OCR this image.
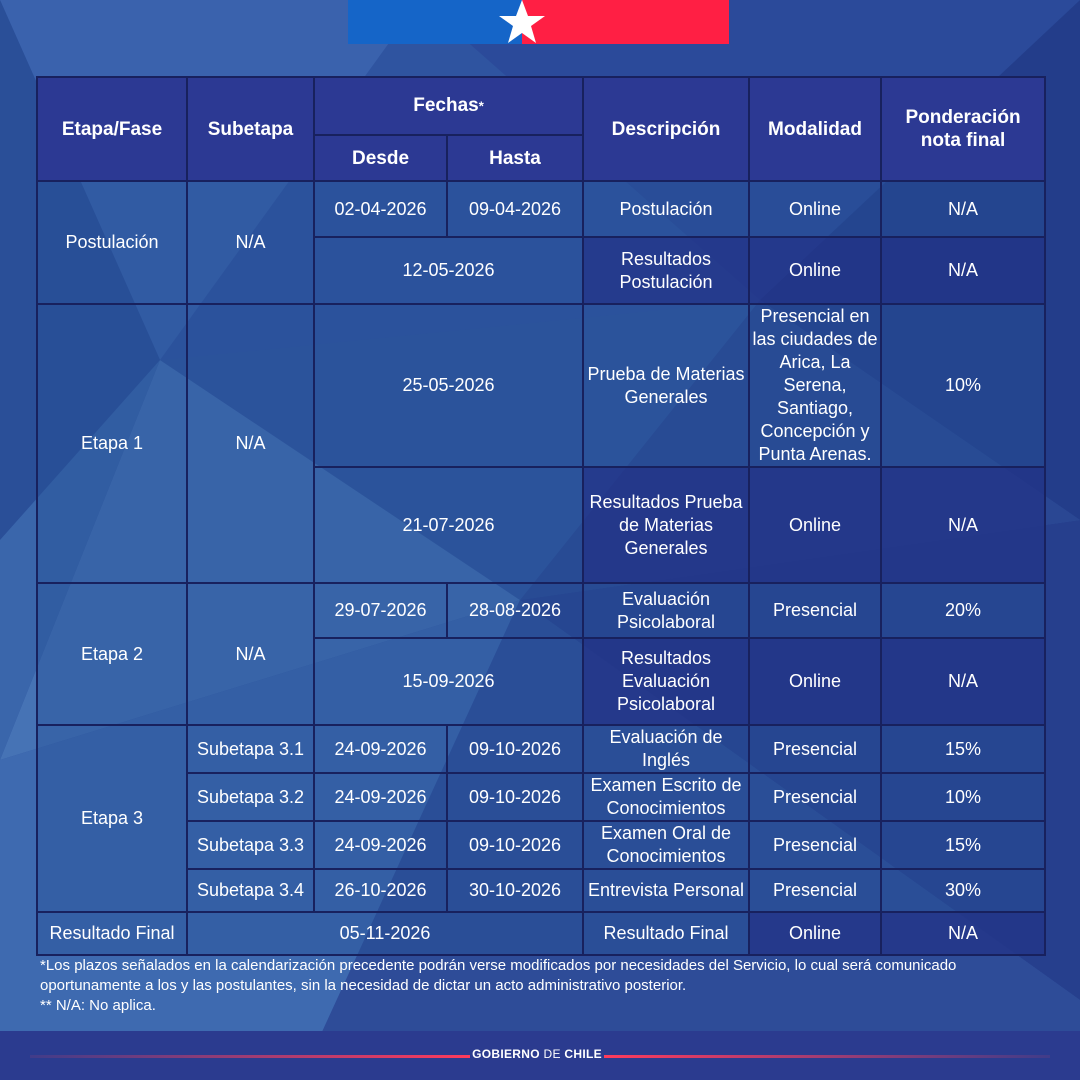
Etapa/Fase	Subetapa	Fechas*		Descripción	Modalidad	Ponderación nota final
		Desde	Hasta			
Postulación	N/A	02-04-2026	09-04-2026	Postulación	Online	N/A
		12-05-2026		Resultados Postulación	Online	N/A
Etapa 1	N/A	25-05-2026		Prueba de Materias Generales	Presencial en las ciudades de Arica, La Serena, Santiago, Concepción y Punta Arenas.	10%
		21-07-2026		Resultados Prueba de Materias Generales	Online	N/A
Etapa 2	N/A	29-07-2026	28-08-2026	Evaluación Psicolaboral	Presencial	20%
		15-09-2026		Resultados Evaluación Psicolaboral	Online	N/A
Etapa 3	Subetapa 3.1	24-09-2026	09-10-2026	Evaluación de Inglés	Presencial	15%
	Subetapa 3.2	24-09-2026	09-10-2026	Examen Escrito de Conocimientos	Presencial	10%
	Subetapa 3.3	24-09-2026	09-10-2026	Examen Oral de Conocimientos	Presencial	15%
	Subetapa 3.4	26-10-2026	30-10-2026	Entrevista Personal	Presencial	30%
Resultado Final	05-11-2026			Resultado Final	Online	N/A

*Los plazos señalados en la calendarización precedente podrán verse modificados por necesidades del Servicio, lo cual será comunicado oportunamente a los y las postulantes, sin la necesidad de dictar un acto administrativo posterior.

** N/A: No aplica.

GOBIERNO DE CHILE
